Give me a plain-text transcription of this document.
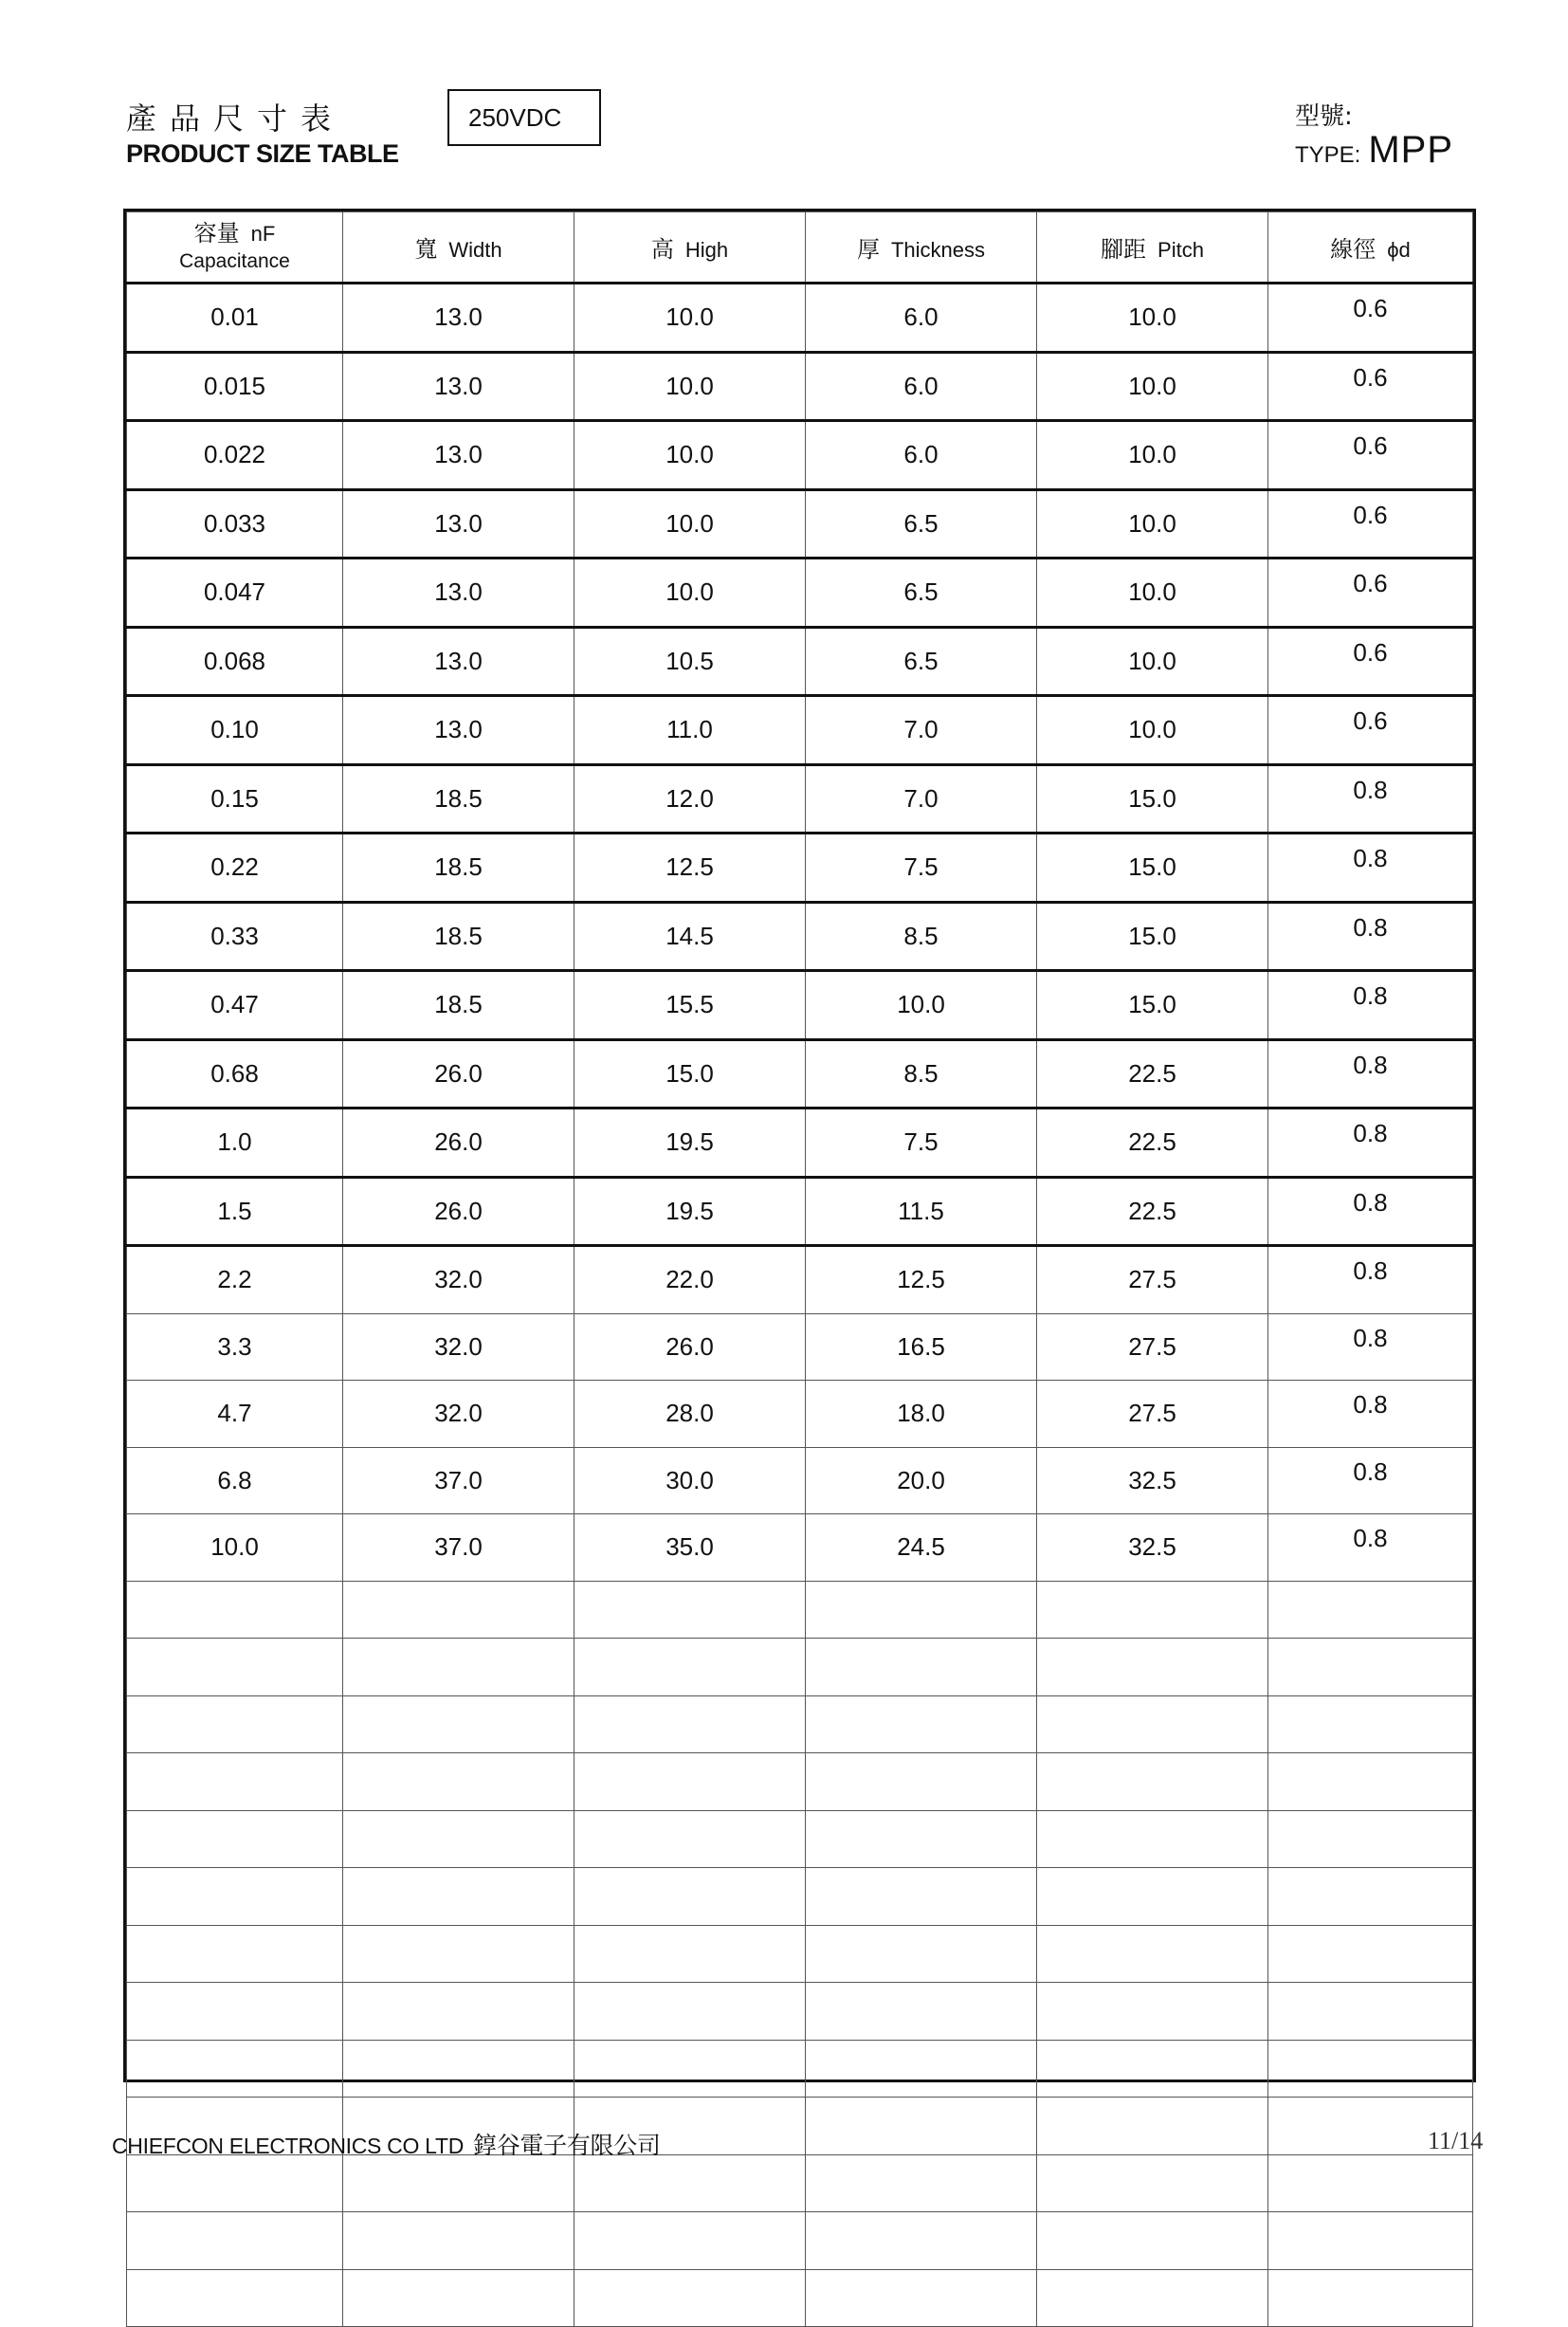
產品尺寸表
PRODUCT SIZE TABLE
250VDC	型號:
TYPE: MPP
容量 nF
Capacitance	寬 Width	高 High	厚 Thickness	腳距 Pitch	線徑 ϕd
0.01	13.0	10.0	6.0	10.0	0.6
0.015	13.0	10.0	6.0	10.0	0.6
0.022	13.0	10.0	6.0	10.0	0.6
0.033	13.0	10.0	6.5	10.0	0.6
0.047	13.0	10.0	6.5	10.0	0.6
0.068	13.0	10.5	6.5	10.0	0.6
0.10	13.0	11.0	7.0	10.0	0.6
0.15	18.5	12.0	7.0	15.0	0.8
0.22	18.5	12.5	7.5	15.0	0.8
0.33	18.5	14.5	8.5	15.0	0.8
0.47	18.5	15.5	10.0	15.0	0.8
0.68	26.0	15.0	8.5	22.5	0.8
1.0	26.0	19.5	7.5	22.5	0.8
1.5	26.0	19.5	11.5	22.5	0.8
2.2	32.0	22.0	12.5	27.5	0.8
3.3	32.0	26.0	16.5	27.5	0.8
4.7	32.0	28.0	18.0	27.5	0.8
6.8	37.0	30.0	20.0	32.5	0.8
10.0	37.0	35.0	24.5	32.5	0.8

CHIEFCON ELECTRONICS CO LTD 錞谷電子有限公司	11/14
